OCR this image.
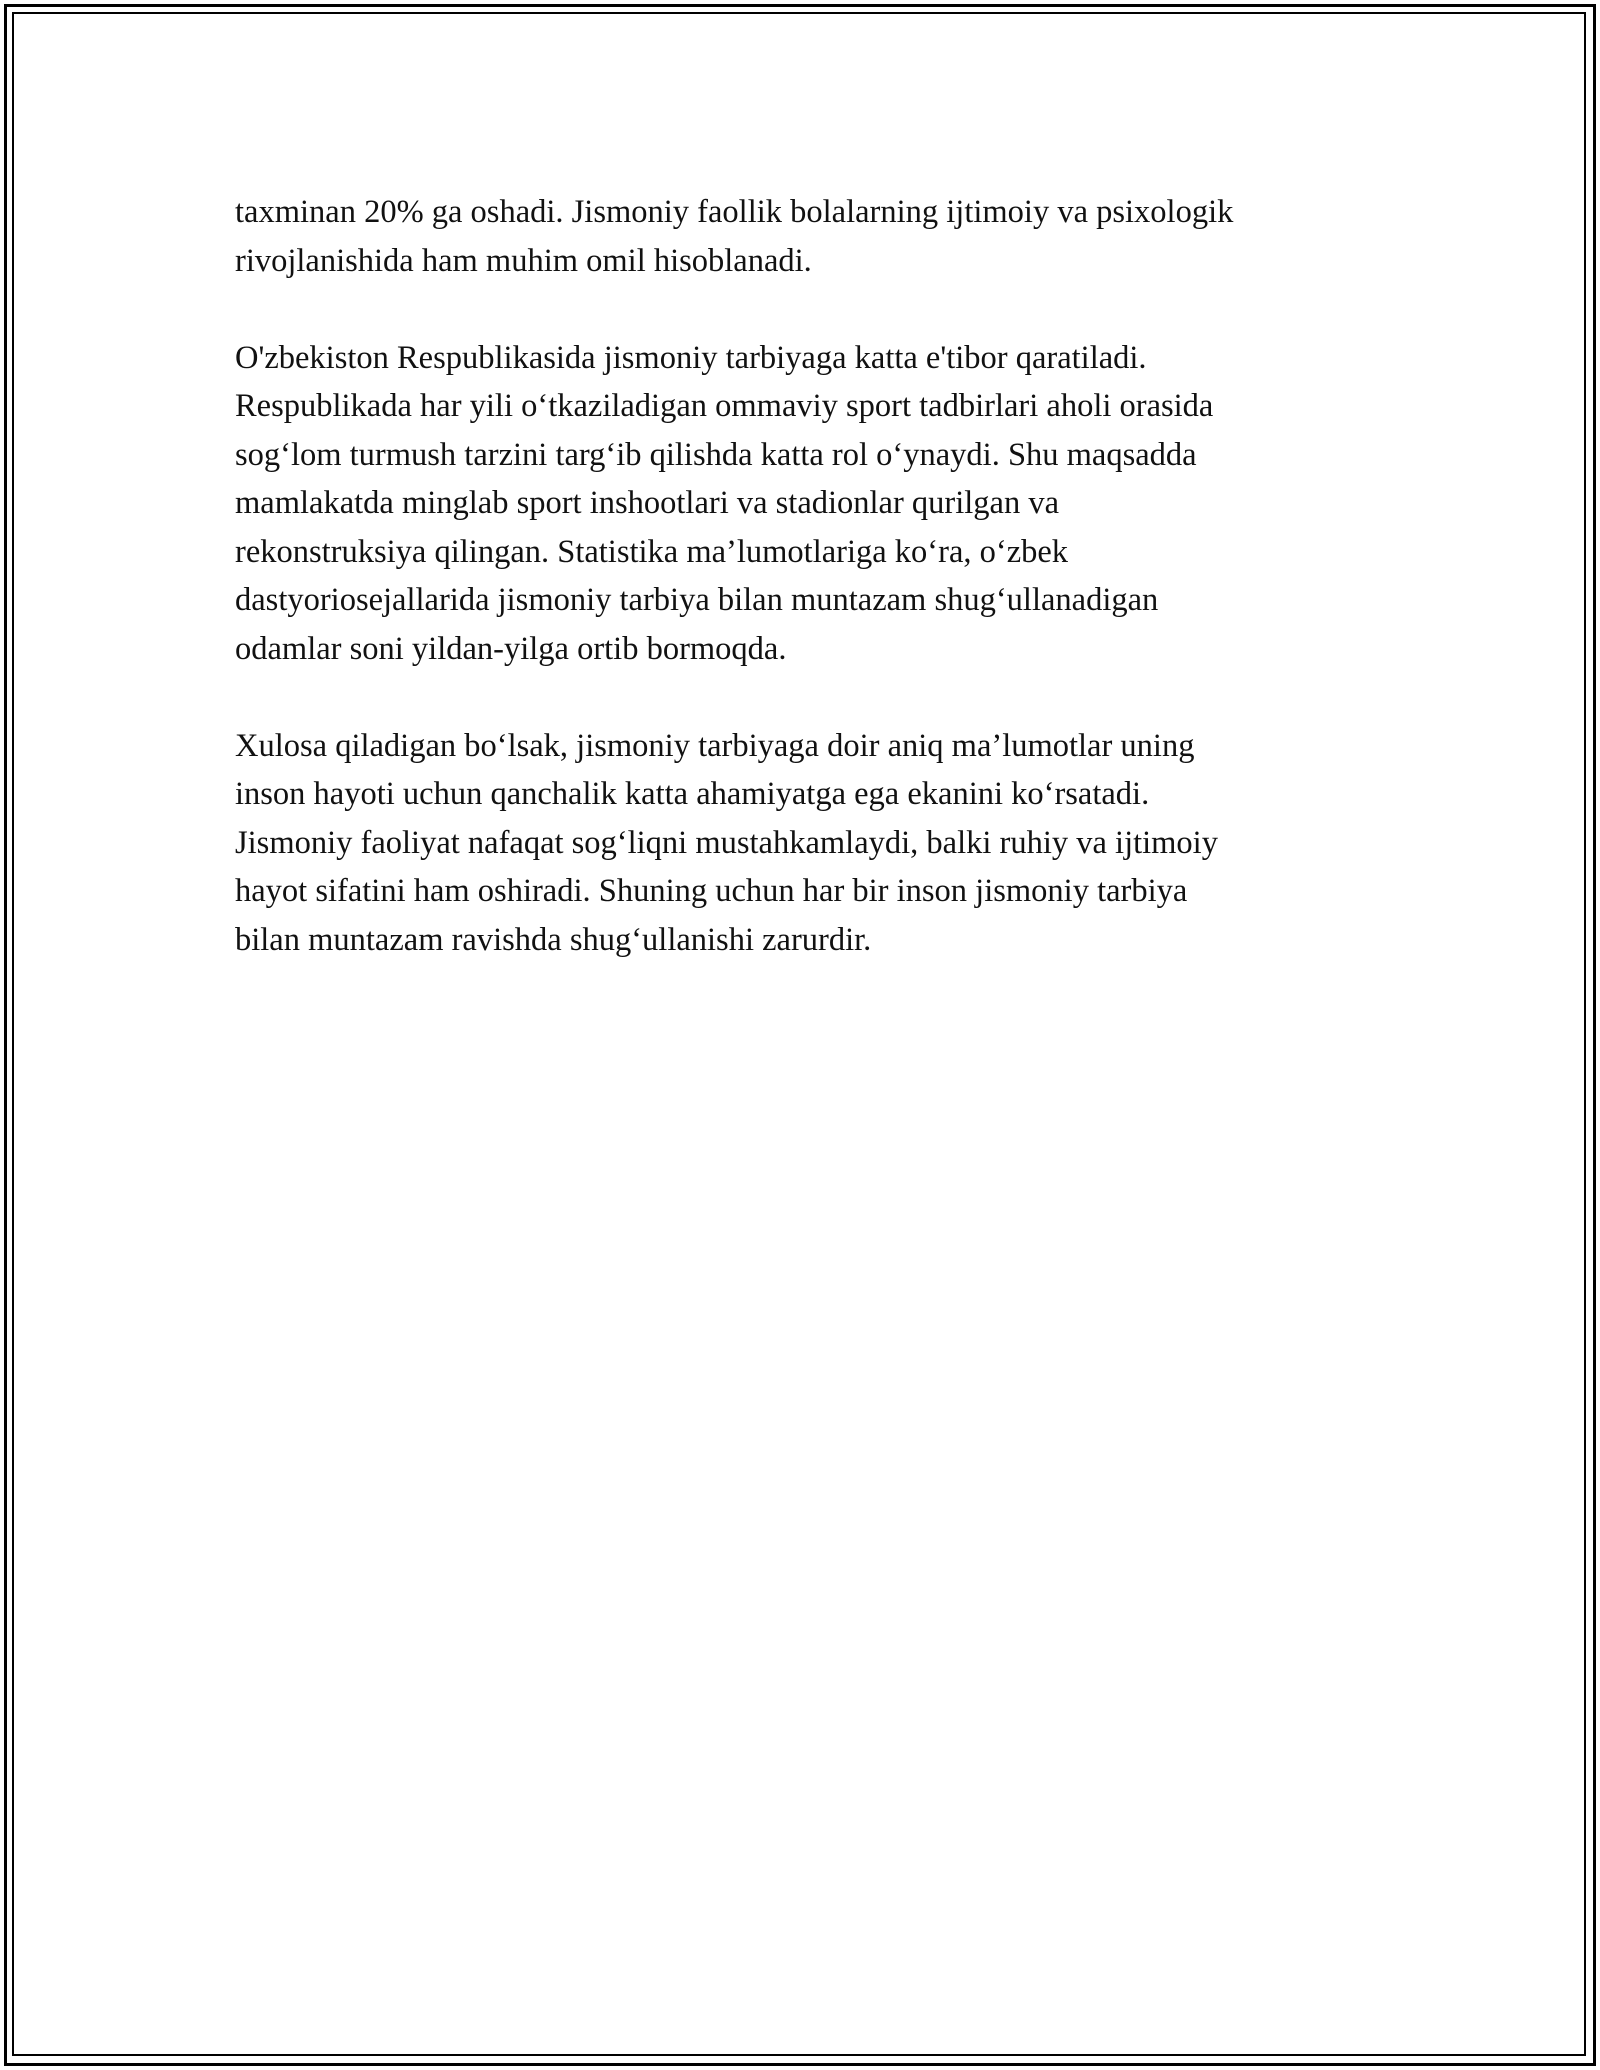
taxminan 20% ga oshadi. Jismoniy faollik bolalarning ijtimoiy va psixologik
rivojlanishida ham muhim omil hisoblanadi.

O'zbekiston Respublikasida jismoniy tarbiyaga katta e'tibor qaratiladi.
Respublikada har yili o‘tkaziladigan ommaviy sport tadbirlari aholi orasida
sog‘lom turmush tarzini targ‘ib qilishda katta rol o‘ynaydi. Shu maqsadda
mamlakatda minglab sport inshootlari va stadionlar qurilgan va
rekonstruksiya qilingan. Statistika ma’lumotlariga ko‘ra, o‘zbek
dastyoriosejallarida jismoniy tarbiya bilan muntazam shug‘ullanadigan
odamlar soni yildan-yilga ortib bormoqda.

Xulosa qiladigan bo‘lsak, jismoniy tarbiyaga doir aniq ma’lumotlar uning
inson hayoti uchun qanchalik katta ahamiyatga ega ekanini ko‘rsatadi.
Jismoniy faoliyat nafaqat sog‘liqni mustahkamlaydi, balki ruhiy va ijtimoiy
hayot sifatini ham oshiradi. Shuning uchun har bir inson jismoniy tarbiya
bilan muntazam ravishda shug‘ullanishi zarurdir.
